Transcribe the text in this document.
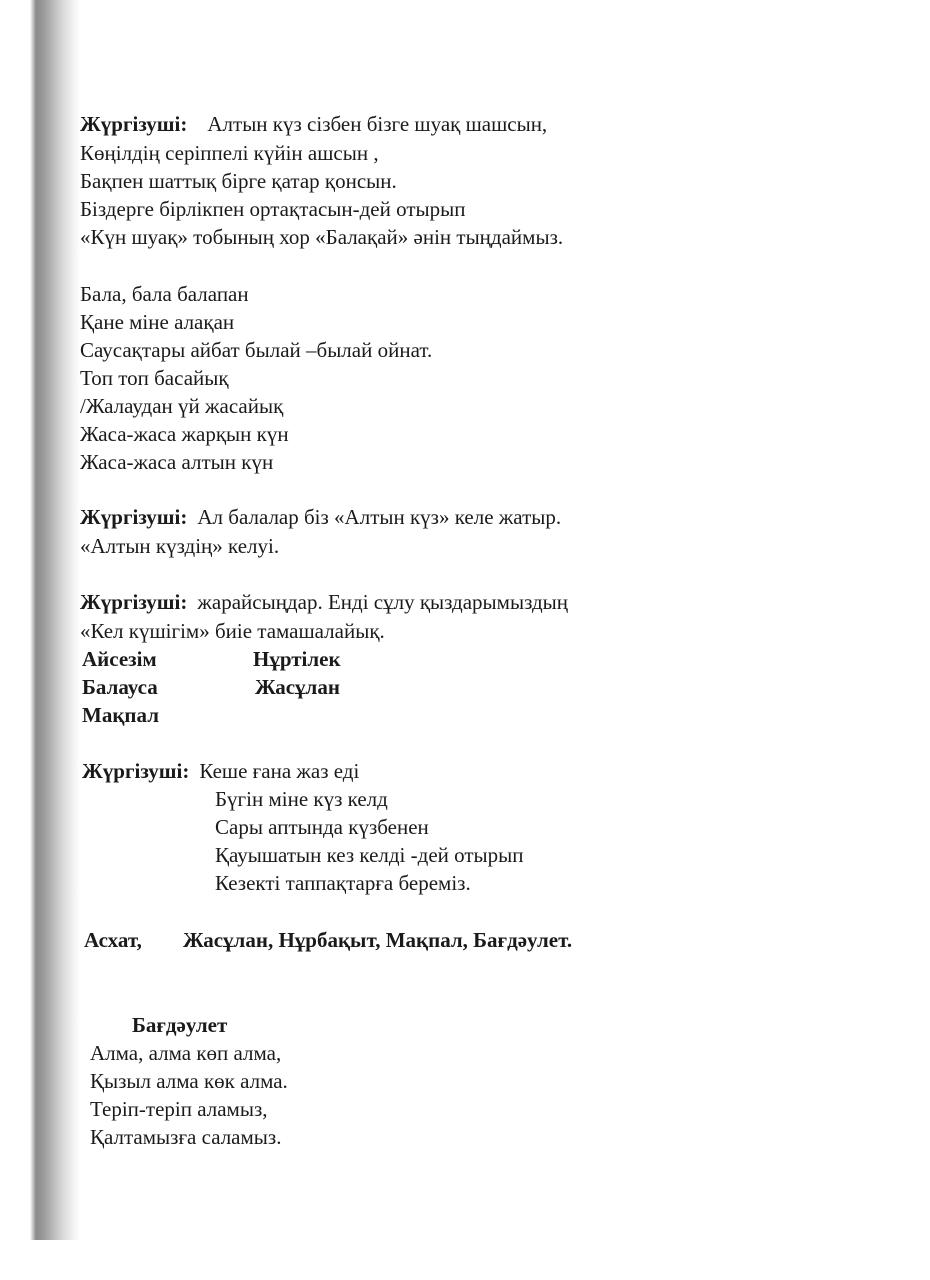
Жүргізуші: Алтын күз сізбен бізге шуақ шашсын,
Көңілдің серіппелі күйін ашсын ,
Бақпен шаттық бірге қатар қонсын.
Біздерге бірлікпен ортақтасын-дей отырып
«Күн шуақ» тобының хор «Балақай» әнін тыңдаймыз.
Бала, бала балапан
Қане міне алақан
Саусақтары айбат былай –былай ойнат.
Топ топ басайық
/Жалаудан үй жасайық
Жаса-жаса жарқын күн
Жаса-жаса алтын күн
Жүргізуші: Ал балалар біз «Алтын күз» келе жатыр.
«Алтын күздің» келуі.
Жүргізуші: жарайсыңдар. Енді сұлу қыздарымыздың
«Кел күшігім» биіе тамашалайық.
Айсезім
Балауса
Мақпал
Нұртілек
Жасұлан
Жүргізуші: Кеше ғана жаз еді
Бүгін міне күз келд
Сары аптында күзбенен
Қауышатын кез келді -дей отырып
Кезекті таппақтарға береміз.
Асхат, Жасұлан, Нұрбақыт, Мақпал, Бағдәулет.
Бағдәулет
Алма, алма көп алма,
Қызыл алма көк алма.
Теріп-теріп аламыз,
Қалтамызға саламыз.
